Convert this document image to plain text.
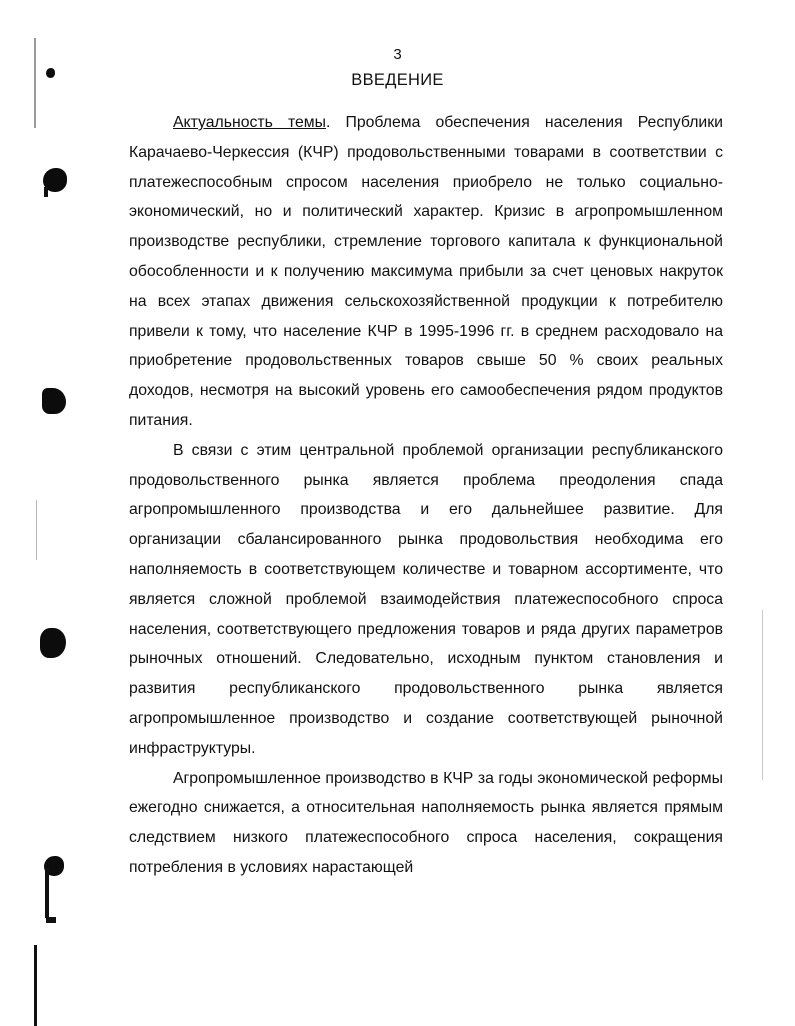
3
ВВЕДЕНИЕ

Актуальность темы. Проблема обеспечения населения Республики Карачаево-Черкессия (КЧР) продовольственными товарами в соответствии с платежеспособным спросом населения приобрело не только социально-экономический, но и политический характер. Кризис в агропромышленном производстве республики, стремление торгового капитала к функциональной обособленности и к получению максимума прибыли за счет ценовых накруток на всех этапах движения сельскохозяйственной продукции к потребителю привели к тому, что население КЧР в 1995-1996 гг. в среднем расходовало на приобретение продовольственных товаров свыше 50 % своих реальных доходов, несмотря на высокий уровень его самообеспечения рядом продуктов питания.

В связи с этим центральной проблемой организации республиканского продовольственного рынка является проблема преодоления спада агропромышленного производства и его дальнейшее развитие. Для организации сбалансированного рынка продовольствия необходима его наполняемость в соответствующем количестве и товарном ассортименте, что является сложной проблемой взаимодействия платежеспособного спроса населения, соответствующего предложения товаров и ряда других параметров рыночных отношений. Следовательно, исходным пунктом становления и развития республиканского продовольственного рынка является агропромышленное производство и создание соответствующей рыночной инфраструктуры.

Агропромышленное производство в КЧР за годы экономической реформы ежегодно снижается, а относительная наполняемость рынка является прямым следствием низкого платежеспособного спроса населения, сокращения потребления в условиях нарастающей
